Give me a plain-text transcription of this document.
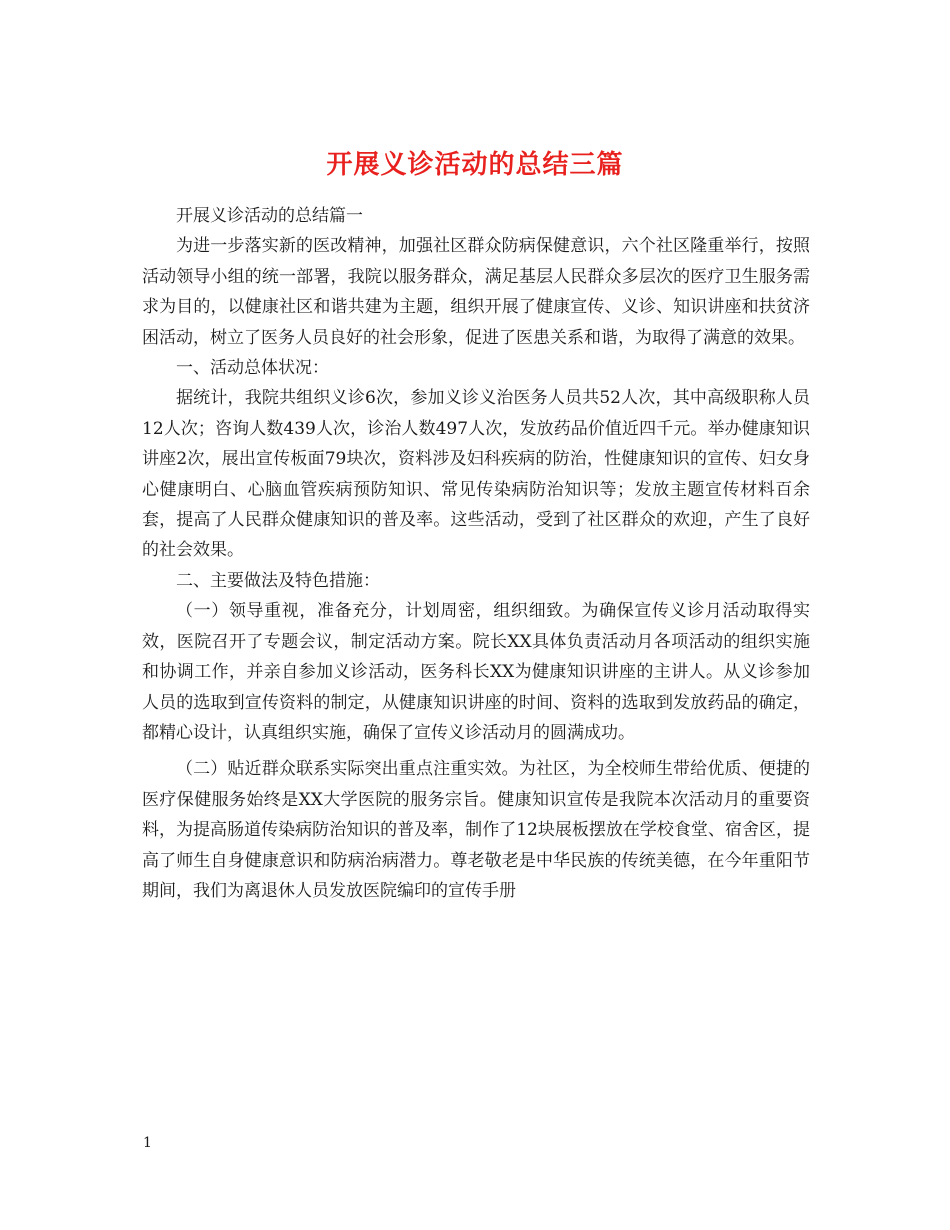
开展义诊活动的总结三篇

开展义诊活动的总结篇一

为进一步落实新的医改精神，加强社区群众防病保健意识，六个社区隆重举行，按照活动领导小组的统一部署，我院以服务群众，满足基层人民群众多层次的医疗卫生服务需求为目的，以健康社区和谐共建为主题，组织开展了健康宣传、义诊、知识讲座和扶贫济困活动，树立了医务人员良好的社会形象，促进了医患关系和谐，为取得了满意的效果。

一、活动总体状况：

据统计，我院共组织义诊6次，参加义诊义治医务人员共52人次，其中高级职称人员12人次；咨询人数439人次，诊治人数497人次，发放药品价值近四千元。举办健康知识讲座2次，展出宣传板面79块次，资料涉及妇科疾病的防治，性健康知识的宣传、妇女身心健康明白、心脑血管疾病预防知识、常见传染病防治知识等；发放主题宣传材料百余套，提高了人民群众健康知识的普及率。这些活动，受到了社区群众的欢迎，产生了良好的社会效果。

二、主要做法及特色措施：

（一）领导重视，准备充分，计划周密，组织细致。为确保宣传义诊月活动取得实效，医院召开了专题会议，制定活动方案。院长XX具体负责活动月各项活动的组织实施和协调工作，并亲自参加义诊活动，医务科长XX为健康知识讲座的主讲人。从义诊参加人员的选取到宣传资料的制定，从健康知识讲座的时间、资料的选取到发放药品的确定，都精心设计，认真组织实施，确保了宣传义诊活动月的圆满成功。

（二）贴近群众联系实际突出重点注重实效。为社区，为全校师生带给优质、便捷的医疗保健服务始终是XX大学医院的服务宗旨。健康知识宣传是我院本次活动月的重要资料，为提高肠道传染病防治知识的普及率，制作了12块展板摆放在学校食堂、宿舍区，提高了师生自身健康意识和防病治病潜力。尊老敬老是中华民族的传统美德，在今年重阳节期间，我们为离退休人员发放医院编印的宣传手册

1
